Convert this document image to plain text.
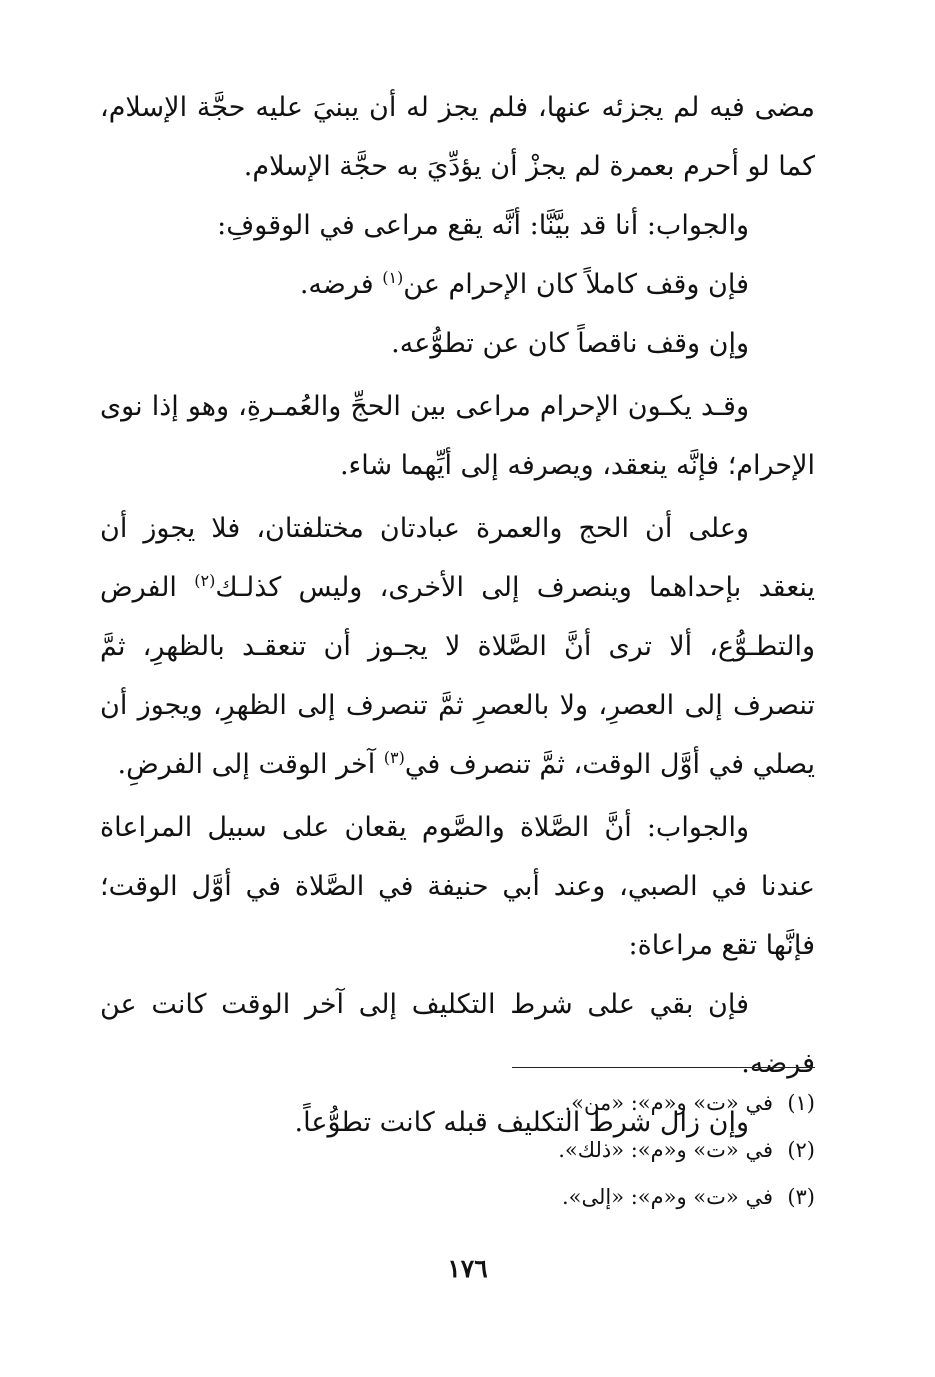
مضى فيه لم يجزئه عنها، فلم يجز له أن يبنيَ عليه حجَّة الإسلام، كما لو أحرم بعمرة لم يجزْ أن يؤدِّيَ به حجَّة الإسلام.

والجواب: أنا قد بيَّنَّا: أنَّه يقع مراعى في الوقوفِ:

فإن وقف كاملاً كان الإحرام عن$^{(١)}$ فرضه.

وإن وقف ناقصاً كان عن تطوُّعه.

وقـد يكـون الإحرام مراعى بين الحجِّ والعُمـرةِ، وهو إذا نوى الإحرام؛ فإنَّه ينعقد، ويصرفه إلى أيِّهما شاء.

وعلى أن الحج والعمرة عبادتان مختلفتان، فلا يجوز أن ينعقد بإحداهما وينصرف إلى الأخرى، وليس كذلـك$^{(٢)}$ الفرض والتطـوُّع، ألا ترى أنَّ الصَّلاة لا يجـوز أن تنعقـد بالظهرِ، ثمَّ تنصرف إلى العصرِ، ولا بالعصرِ ثمَّ تنصرف إلى الظهرِ، ويجوز أن يصلي في أوَّل الوقت، ثمَّ تنصرف في$^{(٣)}$ آخر الوقت إلى الفرضِ.

والجواب: أنَّ الصَّلاة والصَّوم يقعان على سبيل المراعاة عندنا في الصبي، وعند أبي حنيفة في الصَّلاة في أوَّل الوقت؛ فإنَّها تقع مراعاة:

فإن بقي على شرط التكليف إلى آخر الوقت كانت عن فرضه.

وإن زال شرط التكليف قبله كانت تطوُّعاً.

(١)في «ت» و«م»: «من».
(٢)في «ت» و«م»: «ذلك».
(٣)في «ت» و«م»: «إلى».
١٧٦
